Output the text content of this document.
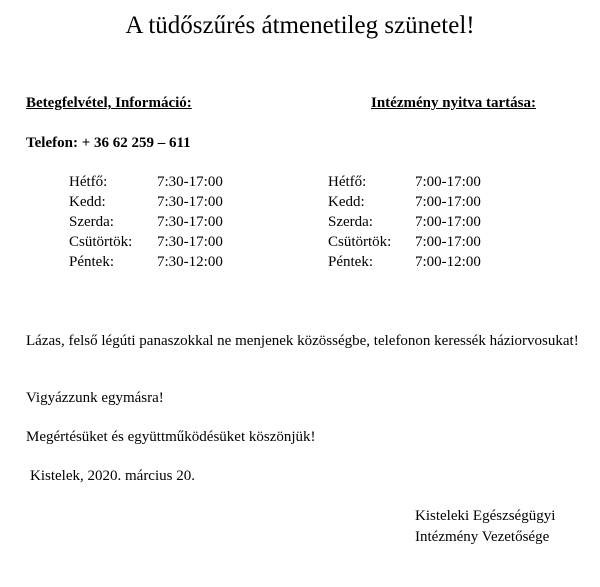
A tüdőszűrés átmenetileg szünetel!
Betegfelvétel, Információ:	Intézmény nyitva tartása:
Telefon: + 36 62 259 – 611
Hétfő:	7:30-17:00
Kedd:	7:30-17:00
Szerda:	7:30-17:00
Csütörtök:	7:30-17:00
Péntek:	7:30-12:00
Hétfő:	7:00-17:00
Kedd:	7:00-17:00
Szerda:	7:00-17:00
Csütörtök:	7:00-17:00
Péntek:	7:00-12:00
Lázas, felső légúti panaszokkal ne menjenek közösségbe, telefonon keressék háziorvosukat!
Vigyázzunk egymásra!
Megértésüket és együttműködésüket köszönjük!
Kistelek, 2020. március 20.
Kisteleki Egészségügyi
Intézmény Vezetősége
